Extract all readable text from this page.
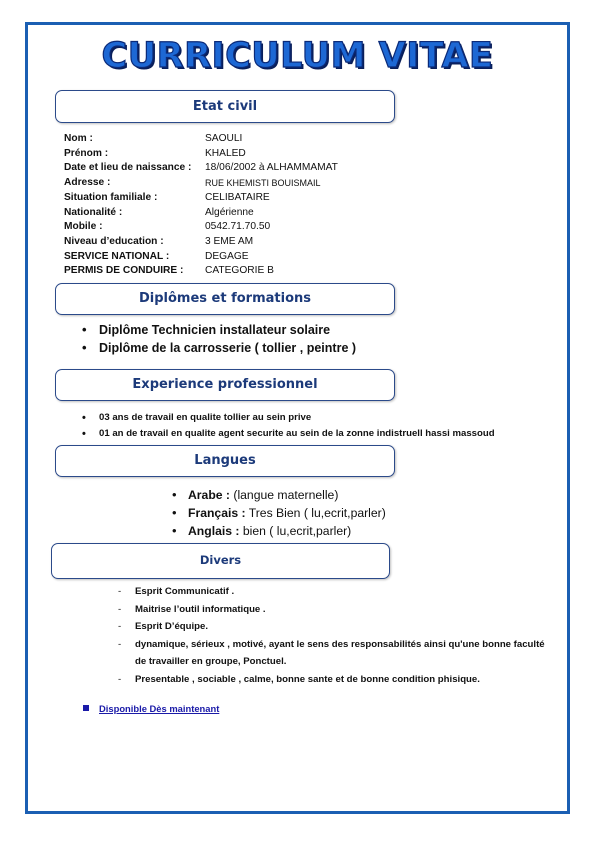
CURRICULUM VITAE
Etat civil
Nom :	SAOULI
Prénom :	KHALED
Date et lieu de naissance :	18/06/2002 à ALHAMMAMAT
Adresse :	RUE KHEMISTI BOUISMAIL
Situation familiale :	CELIBATAIRE
Nationalité :	Algérienne
Mobile :	0542.71.70.50
Niveau d’education :	3 EME AM
SERVICE NATIONAL :	DEGAGE
PERMIS DE CONDUIRE :	CATEGORIE B
Diplômes et formations
• Diplôme Technicien installateur solaire
• Diplôme de la carrosserie ( tollier , peintre )
Experience professionnel
• 03 ans de travail en qualite tollier au sein prive
• 01 an de travail en qualite agent securite au sein de la zonne indistruell hassi massoud
Langues
• Arabe : (langue maternelle)
• Français : Tres Bien ( lu,ecrit,parler)
• Anglais : bien ( lu,ecrit,parler)
Divers
- Esprit Communicatif .
- Maitrise l’outil informatique .
- Esprit D’équipe.
- dynamique, sérieux , motivé, ayant le sens des responsabilités ainsi qu'une bonne faculté de travailler en groupe, Ponctuel.
- Presentable , sociable , calme, bonne sante et de bonne condition phisique.
Disponible Dès maintenant
